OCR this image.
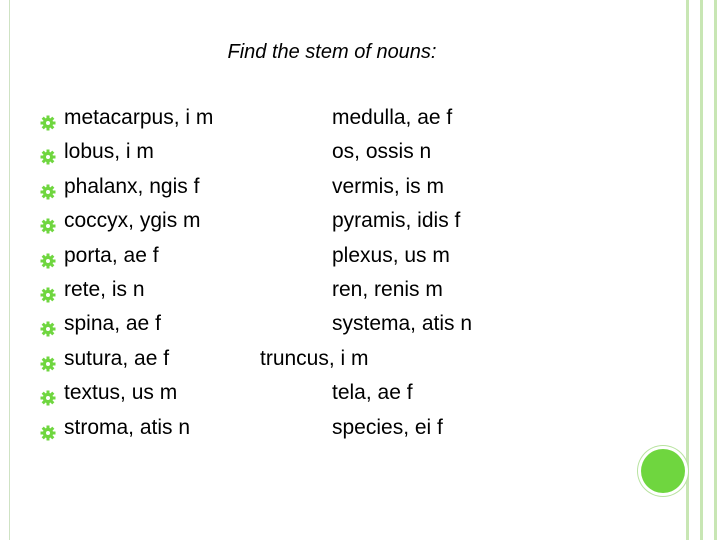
Find the stem of nouns:
metacarpus, i m	medulla, ae f
lobus, i m	os, ossis n
phalanx, ngis f	vermis, is m
coccyx, ygis m	pyramis, idis f
porta, ae f	plexus, us m
rete, is n	ren, renis m
spina, ae f	systema, atis n
sutura, ae f	truncus, i m
textus, us m	tela, ae f
stroma, atis n	species, ei f
